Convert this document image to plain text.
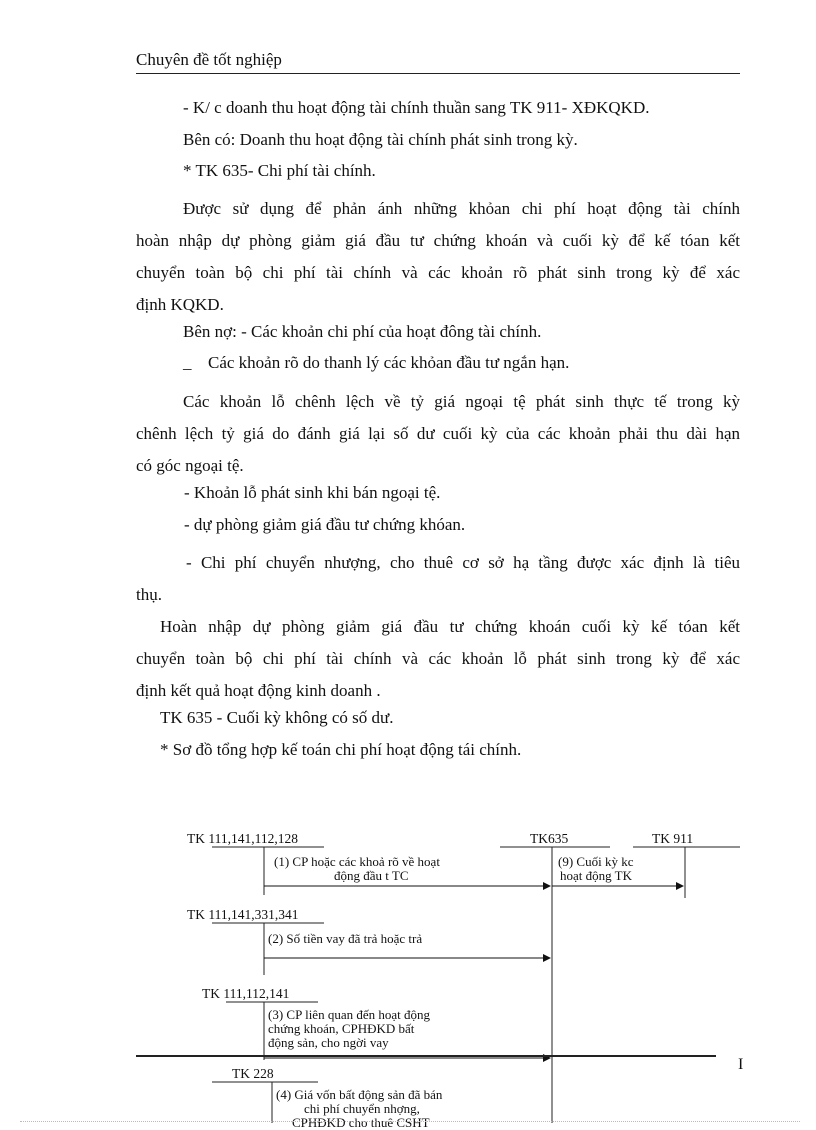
Chuyên đề tốt nghiệp
- K/ c doanh thu hoạt động tài chính thuần sang TK 911- XĐKQKD.
Bên có: Doanh thu hoạt động tài chính phát sinh trong kỳ.
* TK 635- Chi phí tài chính.
Được sử dụng để phản ánh những khỏan chi phí hoạt động tài chính
hoàn nhập dự phòng giảm giá đầu tư chứng khoán và cuối kỳ để kế tóan kết
chuyển toàn bộ chi phí tài chính và các khoản rõ phát sinh trong kỳ để xác
định KQKD.
Bên nợ: - Các khoản chi phí của hoạt đông tài chính.
_ Các khoản rõ do thanh lý các khỏan đầu tư ngắn hạn.
Các khoản lỗ chênh lệch về tỷ giá ngoại tệ phát sinh thực tế trong kỳ
chênh lệch tỷ giá do đánh giá lại số dư cuối kỳ của các khoản phải thu dài hạn
có góc ngoại tệ.
- Khoản lỗ phát sinh khi bán ngoại tệ.
- dự phòng giảm giá đầu tư chứng khóan.
- Chi phí chuyển nhượng, cho thuê cơ sở hạ tầng được xác định là tiêu
thụ.
Hoàn nhập dự phòng giảm giá đầu tư chứng khoán cuối kỳ kế tóan kết
chuyển toàn bộ chi phí tài chính và các khoản lỗ phát sinh trong kỳ để xác
định kết quả hoạt động kinh doanh .
TK 635 - Cuối kỳ không có số dư.
* Sơ đồ tổng hợp kế toán chi phí hoạt động tái chính.
TK 111,141,112,128	TK635	TK 911
(1) CP hoặc các khoả rõ về hoạt
động đầu t TC
(9) Cuối kỳ kc
hoạt động TK
TK 111,141,331,341
(2) Số tiền vay đã trả hoặc trả
TK 111,112,141
(3) CP liên quan đến hoạt động
chứng khoán, CPHĐKD bất
động sản, cho ngời vay
TK 228
(4) Giá vốn bất động sản đã bán
chi phí chuyển nhợng,
CPHĐKD cho thuê CSHT
I
